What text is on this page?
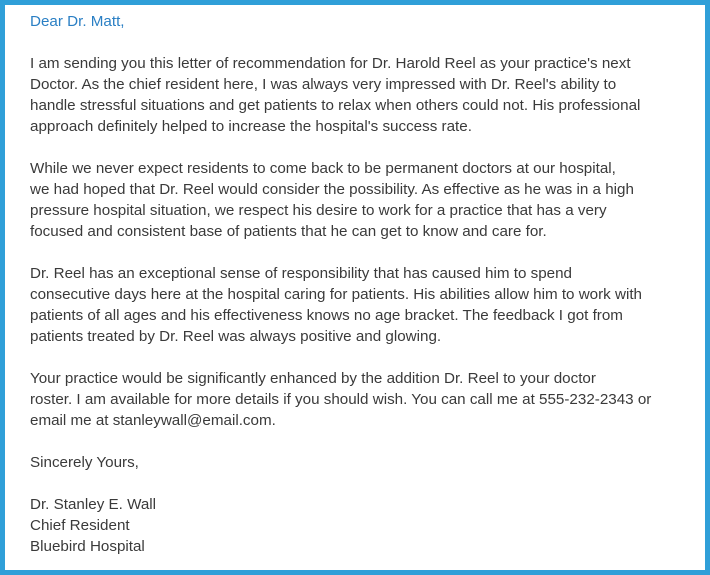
Dear Dr. Matt,
I am sending you this letter of recommendation for Dr. Harold Reel as your practice's next
Doctor. As the chief resident here, I was always very impressed with Dr. Reel's ability to
handle stressful situations and get patients to relax when others could not. His professional
approach definitely helped to increase the hospital's success rate.
While we never expect residents to come back to be permanent doctors at our hospital,
we had hoped that Dr. Reel would consider the possibility. As effective as he was in a high
pressure hospital situation, we respect his desire to work for a practice that has a very
focused and consistent base of patients that he can get to know and care for.
Dr. Reel has an exceptional sense of responsibility that has caused him to spend
consecutive days here at the hospital caring for patients. His abilities allow him to work with
patients of all ages and his effectiveness knows no age bracket. The feedback I got from
patients treated by Dr. Reel was always positive and glowing.
Your practice would be significantly enhanced by the addition Dr. Reel to your doctor
roster. I am available for more details if you should wish. You can call me at 555-232-2343 or
email me at stanleywall@email.com.
Sincerely Yours,
Dr. Stanley E. Wall
Chief Resident
Bluebird Hospital
